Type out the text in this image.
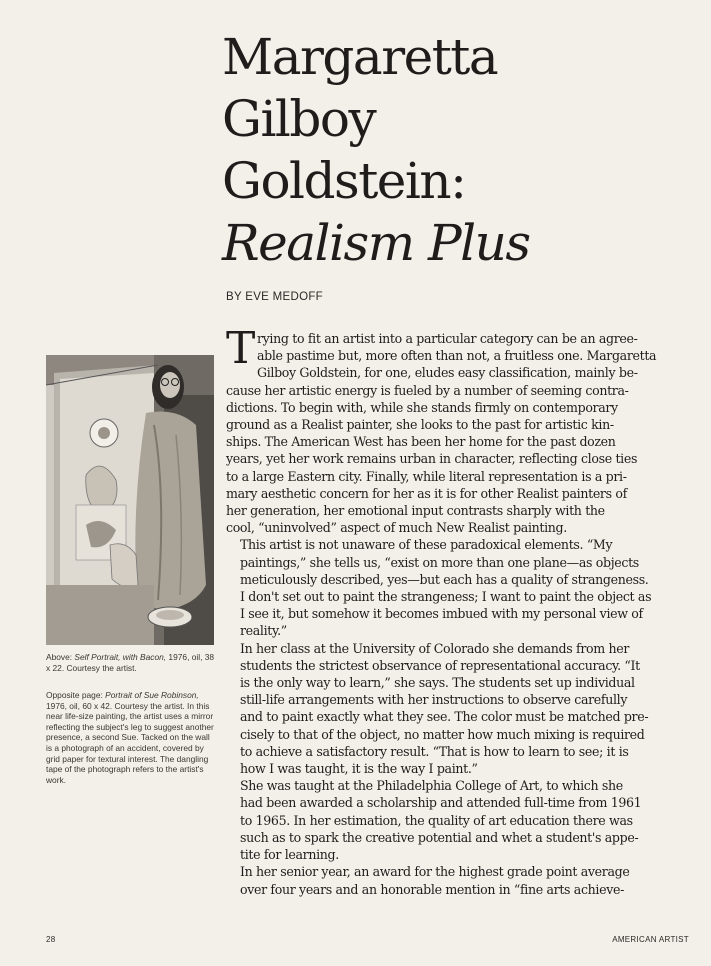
Margaretta
Gilboy
Goldstein:
Realism Plus
BY EVE MEDOFF

Above: Self Portrait, with Bacon, 1976, oil, 38 x 22. Courtesy the artist.

Opposite page: Portrait of Sue Robinson, 1976, oil, 60 x 42. Courtesy the artist. In this near life-size painting, the artist uses a mirror reflecting the subject's leg to suggest another presence, a second Sue. Tacked on the wall is a photograph of an accident, covered by grid paper for textural interest. The dangling tape of the photograph refers to the artist's work.

T rying to fit an artist into a particular category can be an agree-
able pastime but, more often than not, a fruitless one. Margaretta
Gilboy Goldstein, for one, eludes easy classification, mainly be-
cause her artistic energy is fueled by a number of seeming contra-
dictions. To begin with, while she stands firmly on contemporary
ground as a Realist painter, she looks to the past for artistic kin-
ships. The American West has been her home for the past dozen
years, yet her work remains urban in character, reflecting close ties
to a large Eastern city. Finally, while literal representation is a pri-
mary aesthetic concern for her as it is for other Realist painters of
her generation, her emotional input contrasts sharply with the
cool, “uninvolved” aspect of much New Realist painting.

This artist is not unaware of these paradoxical elements. “My
paintings,” she tells us, “exist on more than one plane—as objects
meticulously described, yes—but each has a quality of strangeness.
I don't set out to paint the strangeness; I want to paint the object as
I see it, but somehow it becomes imbued with my personal view of
reality.”

In her class at the University of Colorado she demands from her
students the strictest observance of representational accuracy. “It
is the only way to learn,” she says. The students set up individual
still-life arrangements with her instructions to observe carefully
and to paint exactly what they see. The color must be matched pre-
cisely to that of the object, no matter how much mixing is required
to achieve a satisfactory result. “That is how to learn to see; it is
how I was taught, it is the way I paint.”

She was taught at the Philadelphia College of Art, to which she
had been awarded a scholarship and attended full-time from 1961
to 1965. In her estimation, the quality of art education there was
such as to spark the creative potential and whet a student's appe-
tite for learning.

In her senior year, an award for the highest grade point average
over four years and an honorable mention in “fine arts achieve-

28	AMERICAN ARTIST
